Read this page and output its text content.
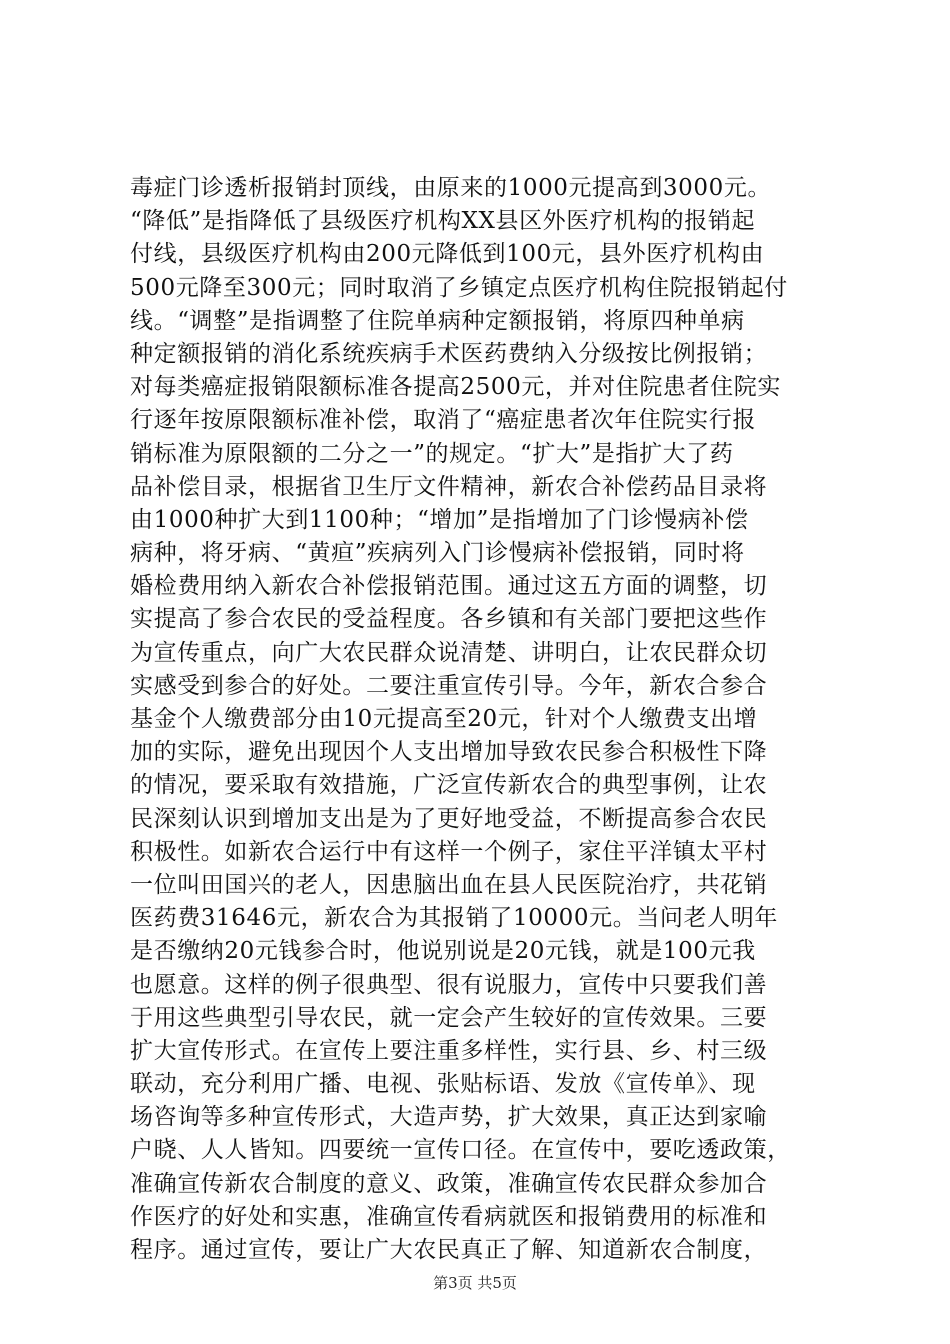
毒症门诊透析报销封顶线，由原来的1000元提高到3000元。
“降低”是指降低了县级医疗机构XX县区外医疗机构的报销起
付线，县级医疗机构由200元降低到100元，县外医疗机构由
500元降至300元；同时取消了乡镇定点医疗机构住院报销起付
线。“调整”是指调整了住院单病种定额报销，将原四种单病
种定额报销的消化系统疾病手术医药费纳入分级按比例报销；
对每类癌症报销限额标准各提高2500元，并对住院患者住院实
行逐年按原限额标准补偿，取消了“癌症患者次年住院实行报
销标准为原限额的二分之一”的规定。“扩大”是指扩大了药
品补偿目录，根据省卫生厅文件精神，新农合补偿药品目录将
由1000种扩大到1100种；“增加”是指增加了门诊慢病补偿
病种，将牙病、“黄疸”疾病列入门诊慢病补偿报销，同时将
婚检费用纳入新农合补偿报销范围。通过这五方面的调整，切
实提高了参合农民的受益程度。各乡镇和有关部门要把这些作
为宣传重点，向广大农民群众说清楚、讲明白，让农民群众切
实感受到参合的好处。二要注重宣传引导。今年，新农合参合
基金个人缴费部分由10元提高至20元，针对个人缴费支出增
加的实际，避免出现因个人支出增加导致农民参合积极性下降
的情况，要采取有效措施，广泛宣传新农合的典型事例，让农
民深刻认识到增加支出是为了更好地受益，不断提高参合农民
积极性。如新农合运行中有这样一个例子，家住平洋镇太平村
一位叫田国兴的老人，因患脑出血在县人民医院治疗，共花销
医药费31646元，新农合为其报销了10000元。当问老人明年
是否缴纳20元钱参合时，他说别说是20元钱，就是100元我
也愿意。这样的例子很典型、很有说服力，宣传中只要我们善
于用这些典型引导农民，就一定会产生较好的宣传效果。三要
扩大宣传形式。在宣传上要注重多样性，实行县、乡、村三级
联动，充分利用广播、电视、张贴标语、发放《宣传单》、现
场咨询等多种宣传形式，大造声势，扩大效果，真正达到家喻
户晓、人人皆知。四要统一宣传口径。在宣传中，要吃透政策，
准确宣传新农合制度的意义、政策，准确宣传农民群众参加合
作医疗的好处和实惠，准确宣传看病就医和报销费用的标准和
程序。通过宣传，要让广大农民真正了解、知道新农合制度，
第3页 共5页
